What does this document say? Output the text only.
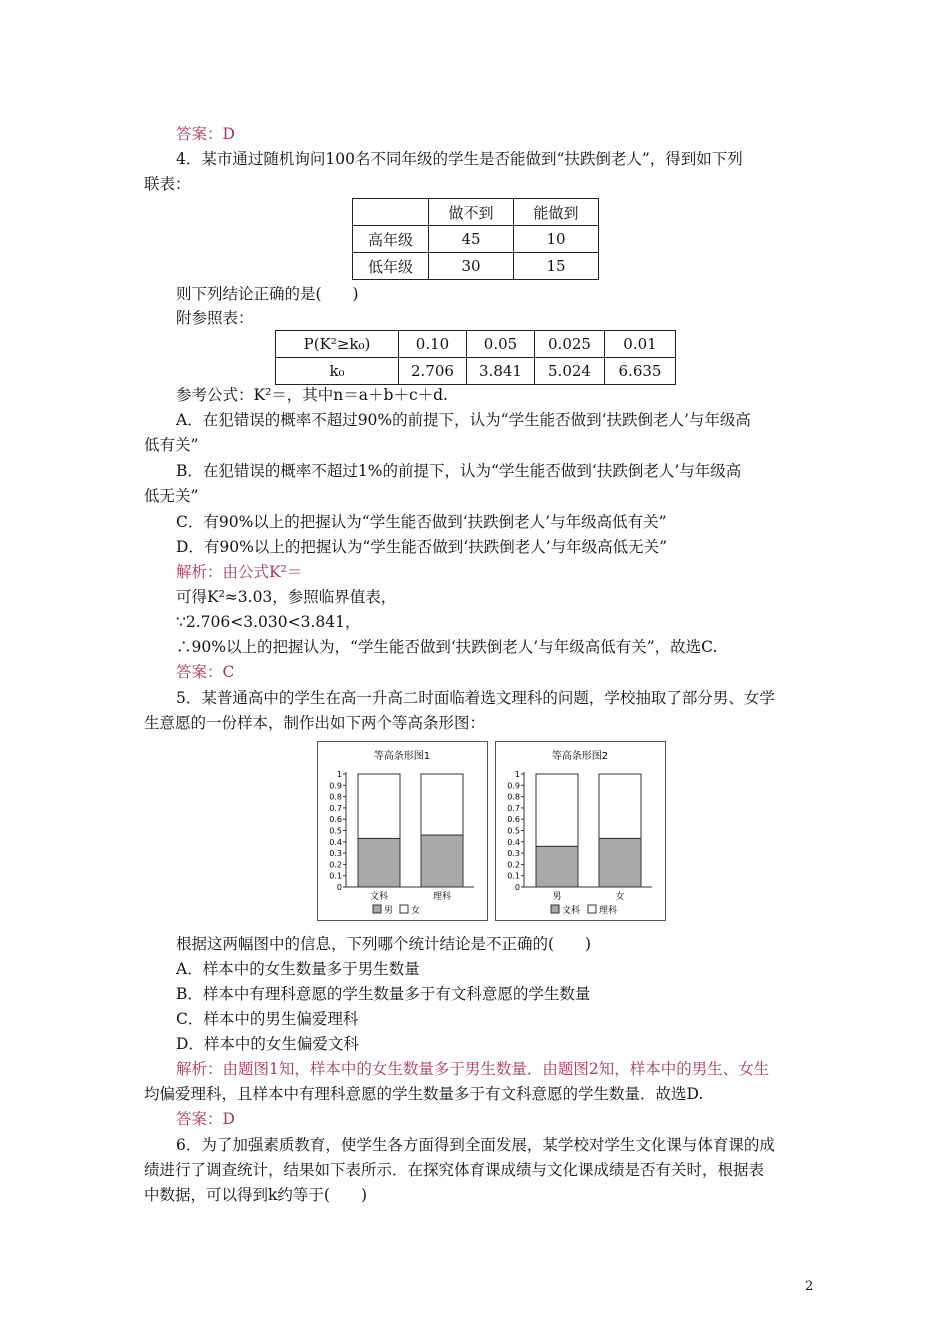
答案：D
4．某市通过随机询问100名不同年级的学生是否能做到“扶跌倒老人”，得到如下列
联表：
则下列结论正确的是(　　)
附参照表：
参考公式：K²＝，其中n＝a＋b＋c＋d.
A．在犯错误的概率不超过90%的前提下，认为“学生能否做到‘扶跌倒老人’与年级高
低有关”
B．在犯错误的概率不超过1%的前提下，认为“学生能否做到‘扶跌倒老人’与年级高
低无关”
C．有90%以上的把握认为“学生能否做到‘扶跌倒老人’与年级高低有关”
D．有90%以上的把握认为“学生能否做到‘扶跌倒老人’与年级高低无关”
解析：由公式K²＝
可得K²≈3.03，参照临界值表，
∵2.706<3.030<3.841，
∴90%以上的把握认为，“学生能否做到‘扶跌倒老人’与年级高低有关”，故选C.
答案：C
5．某普通高中的学生在高一升高二时面临着选文理科的问题，学校抽取了部分男、女学
生意愿的一份样本，制作出如下两个等高条形图：
根据这两幅图中的信息，下列哪个统计结论是不正确的(　　)
A．样本中的女生数量多于男生数量
B．样本中有理科意愿的学生数量多于有文科意愿的学生数量
C．样本中的男生偏爱理科
D．样本中的女生偏爱文科
解析：由题图1知，样本中的女生数量多于男生数量．由题图2知，样本中的男生、女生
均偏爱理科，且样本中有理科意愿的学生数量多于有文科意愿的学生数量．故选D.
答案：D
6．为了加强素质教育，使学生各方面得到全面发展，某学校对学生文化课与体育课的成
绩进行了调查统计，结果如下表所示．在探究体育课成绩与文化课成绩是否有关时，根据表
中数据，可以得到k约等于(　　)
	做不到	能做到
高年级	45	10
低年级	30	15
P(K²≥k₀)	0.10	0.05	0.025	0.01
k₀	2.706	3.841	5.024	6.635
等高条形图1
0
0.1
0.2
0.3
0.4
0.5
0.6
0.7
0.8
0.9
1
文科	理科
男 女
等高条形图2
0
0.1
0.2
0.3
0.4
0.5
0.6
0.7
0.8
0.9
1
男	女
文科 理科
2
